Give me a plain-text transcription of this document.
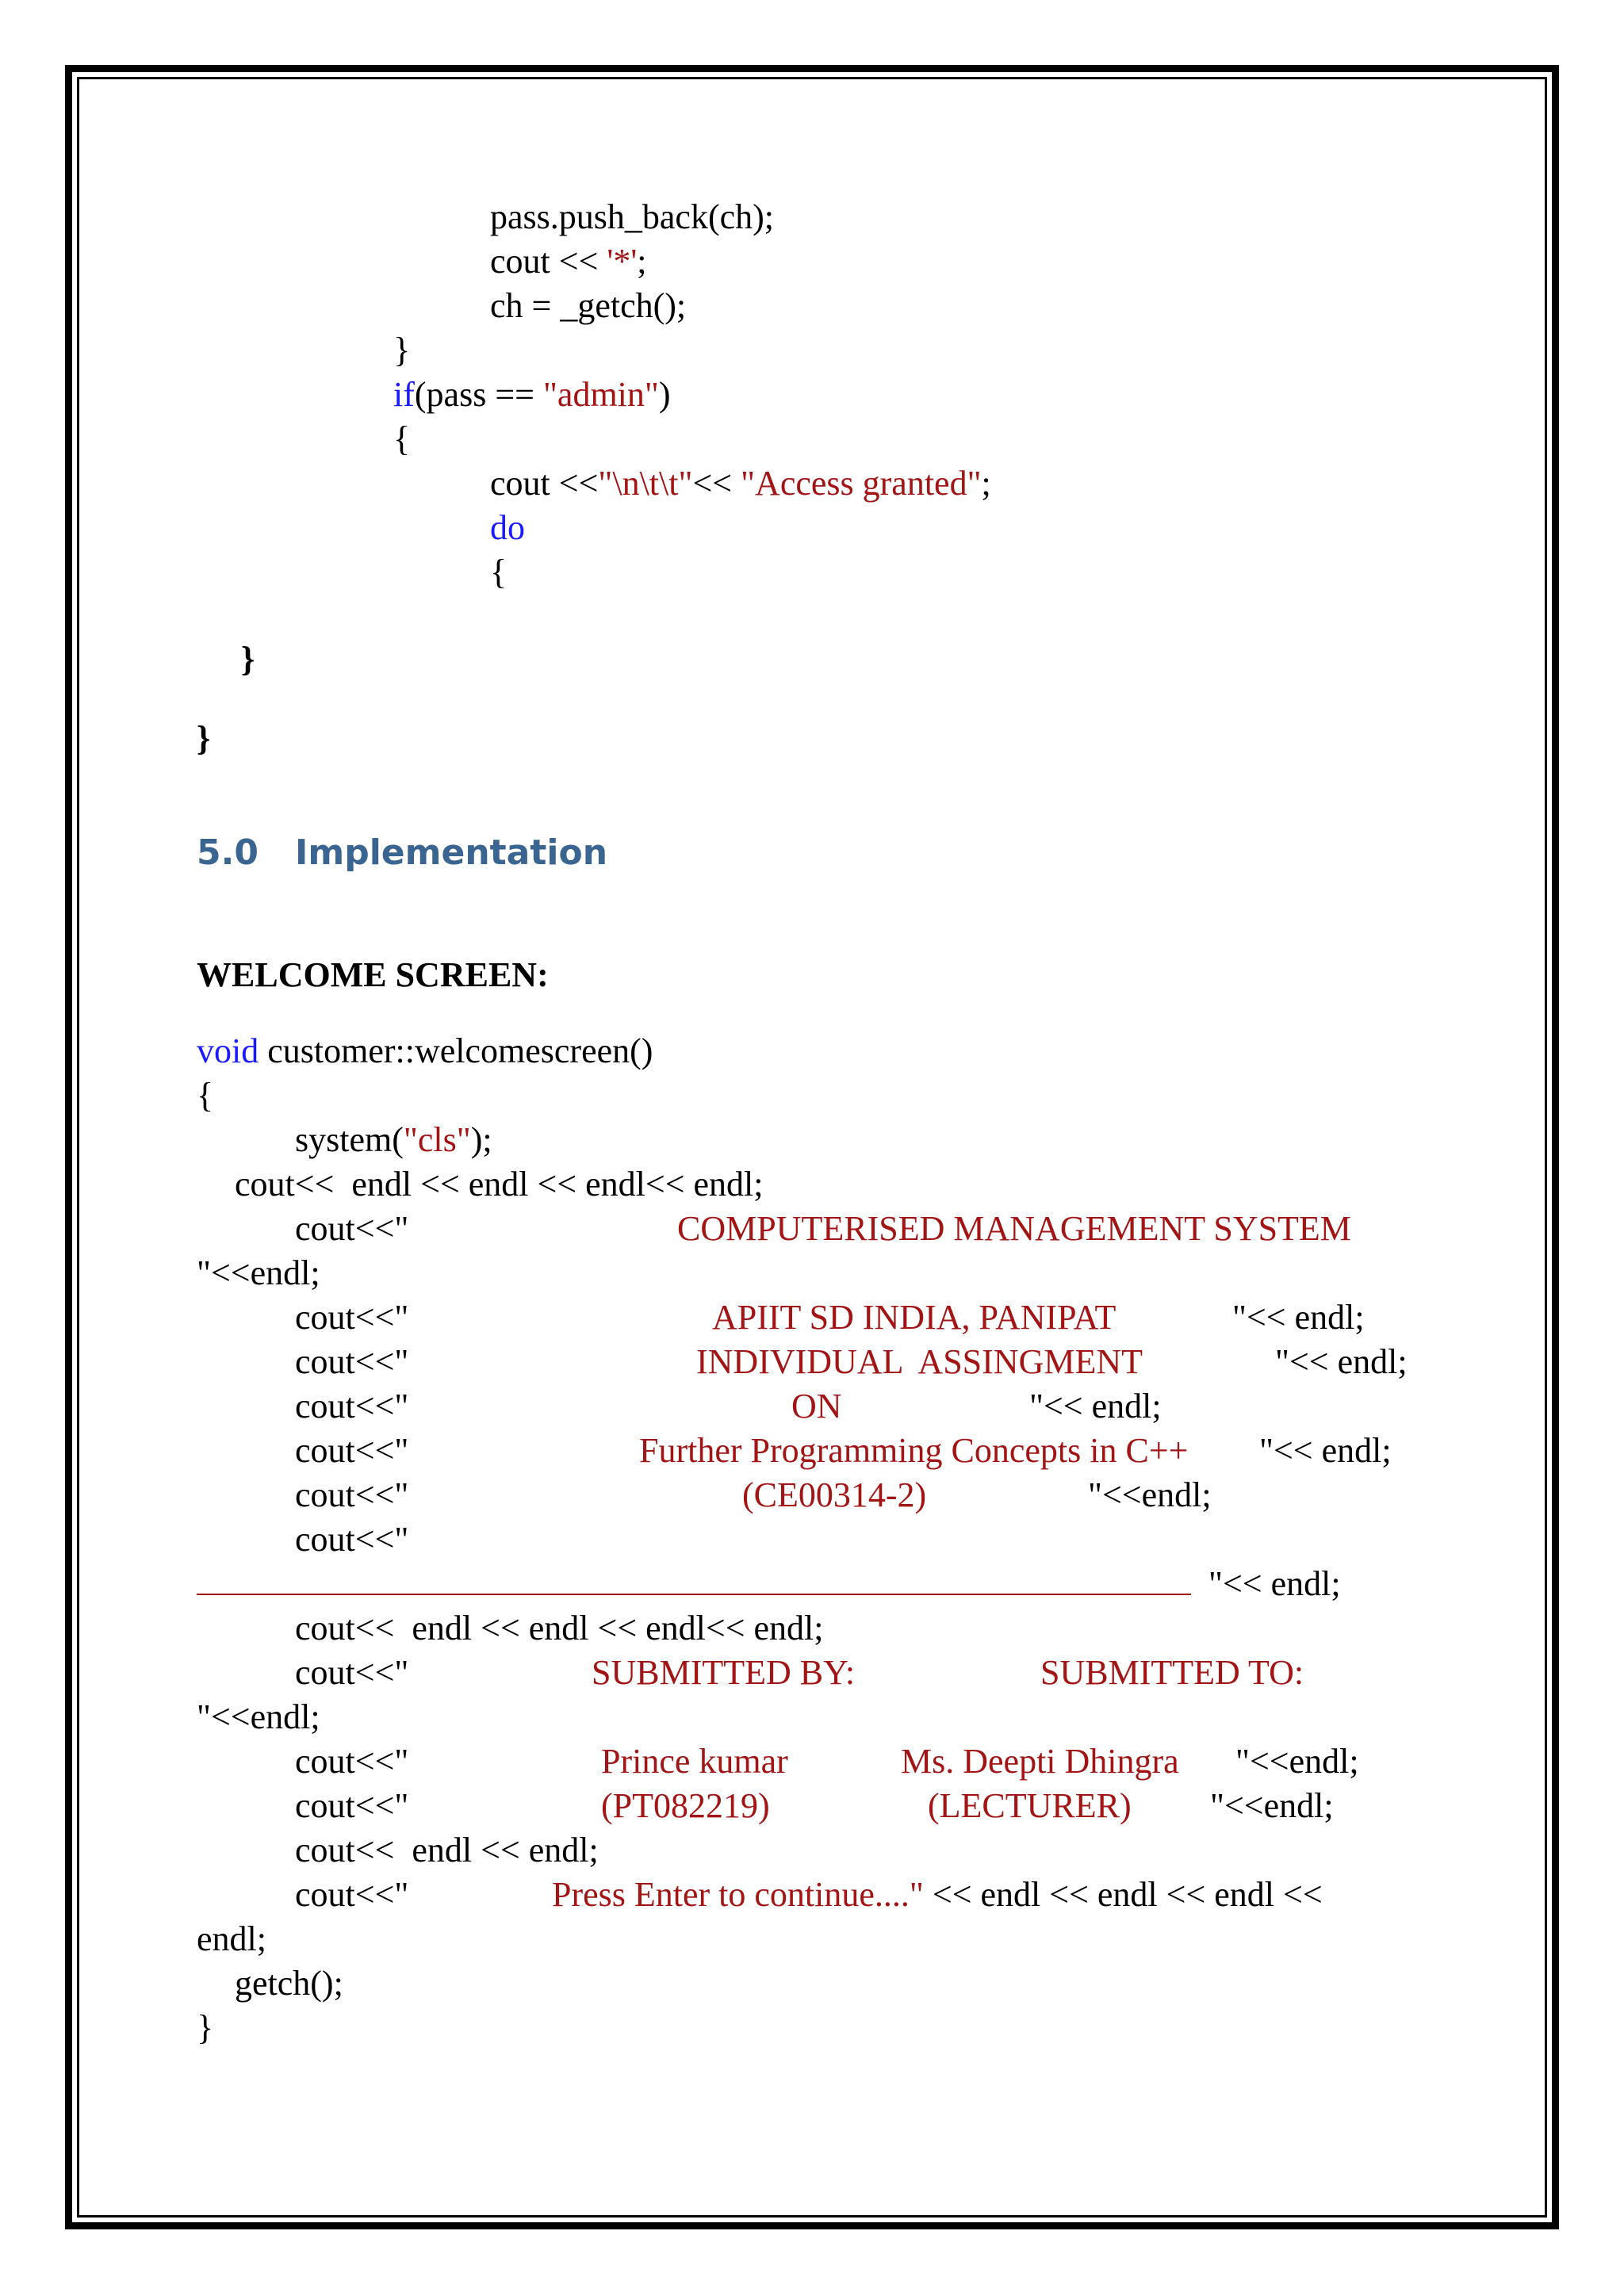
pass.push_back(ch);
cout << '*';
ch = _getch();
}
if(pass == "admin")
{
cout <<"\n\t\t"<< "Access granted";
do
{
}
}
5.0 Implementation
WELCOME SCREEN:
void customer::welcomescreen()
{
system("cls");
cout<<  endl << endl << endl<< endl;
cout<<"	COMPUTERISED MANAGEMENT SYSTEM
"<<endl;
cout<<"	APIIT SD INDIA, PANIPAT	"<< endl;
cout<<"	INDIVIDUAL  ASSINGMENT	"<< endl;
cout<<"	ON	"<< endl;
cout<<"	Further Programming Concepts in C++ "<< endl;
cout<<"	(CE00314-2)	"<<endl;
cout<<"
"<< endl;
cout<<  endl << endl << endl<< endl;
cout<<"	SUBMITTED BY:	SUBMITTED TO:
"<<endl;
cout<<"	Prince kumar	Ms. Deepti Dhingra "<<endl;
cout<<"	(PT082219)	(LECTURER) "<<endl;
cout<<  endl << endl;
cout<<"	Press Enter to continue...." << endl << endl << endl <<
endl;
getch();
}
